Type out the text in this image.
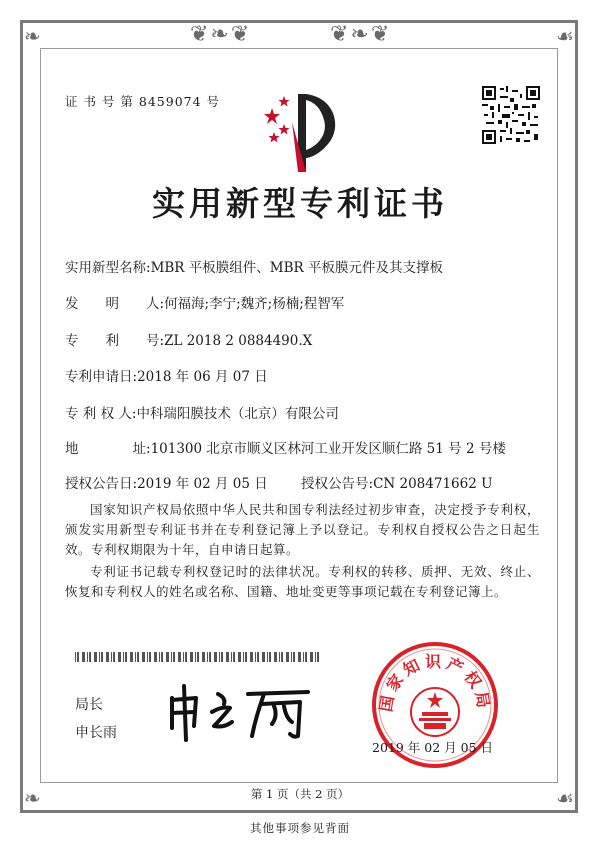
❦❧❦	❦❧❦
❧	☙
❧	☙
证 书 号 第 8459074 号
实用新型专利证书
实用新型名称:MBR 平板膜组件、MBR 平板膜元件及其支撑板
发　　明　　人:何福海;李宁;魏齐;杨楠;程智军
专　　利　　号:ZL 2018 2 0884490.X
专利申请日:2018 年 06 月 07 日
专 利 权 人:中科瑞阳膜技术（北京）有限公司
地　　　　址:101300 北京市顺义区林河工业开发区顺仁路 51 号 2 号楼
授权公告日:2019 年 02 月 05 日 授权公告号:CN 208471662 U
国家知识产权局依照中华人民共和国专利法经过初步审查，决定授予专利权，颁发实用新型专利证书并在专利登记簿上予以登记。专利权自授权公告之日起生效。专利权期限为十年，自申请日起算。
专利证书记载专利权登记时的法律状况。专利权的转移、质押、无效、终止、恢复和专利权人的姓名或名称、国籍、地址变更等事项记载在专利登记簿上。
局长
申长雨
国家知识产权局
2019 年 02 月 05 日
第 1 页（共 2 页）
其他事项参见背面
